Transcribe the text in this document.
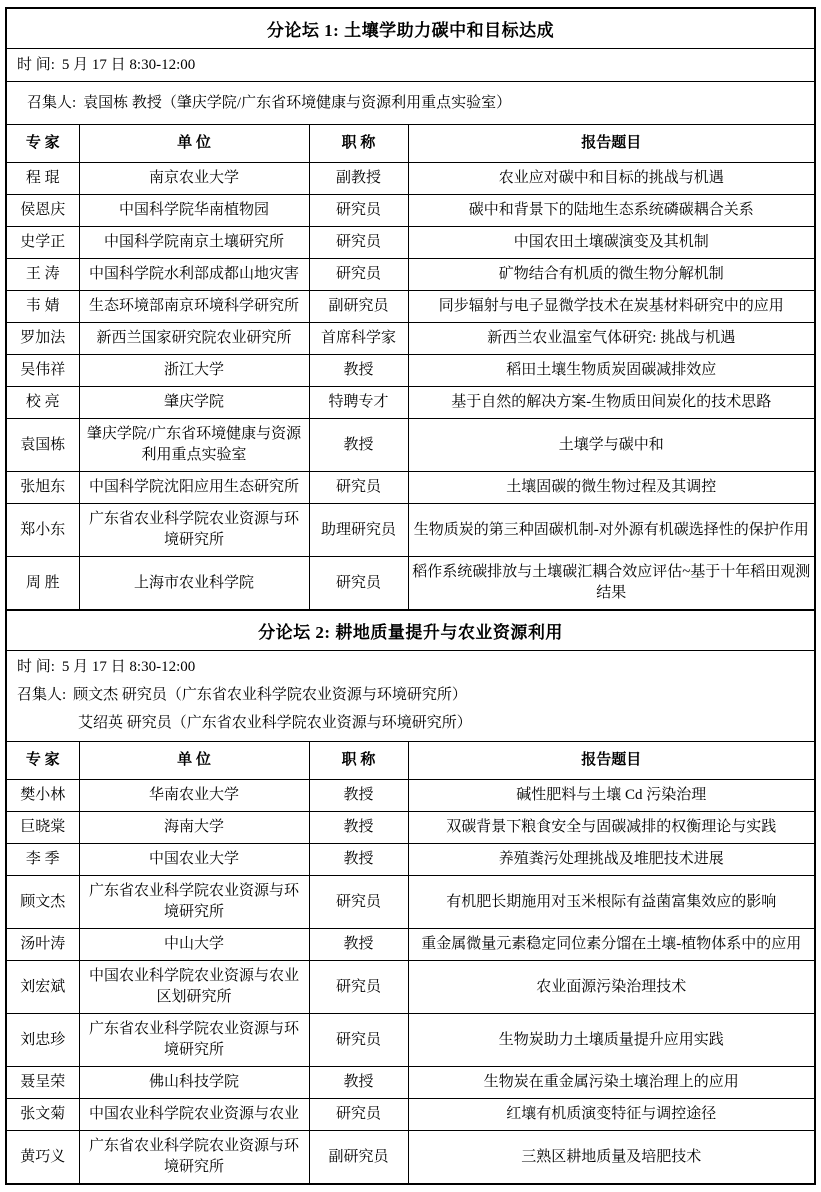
分论坛 1: 土壤学助力碳中和目标达成
时 间: 5 月 17 日 8:30-12:00
召集人: 袁国栋 教授（肇庆学院/广东省环境健康与资源利用重点实验室）
专 家	单 位	职 称	报告题目
程 琨	南京农业大学	副教授	农业应对碳中和目标的挑战与机遇
侯恩庆	中国科学院华南植物园	研究员	碳中和背景下的陆地生态系统磷碳耦合关系
史学正	中国科学院南京土壤研究所	研究员	中国农田土壤碳演变及其机制
王 涛	中国科学院水利部成都山地灾害	研究员	矿物结合有机质的微生物分解机制
韦 婧	生态环境部南京环境科学研究所	副研究员	同步辐射与电子显微学技术在炭基材料研究中的应用
罗加法	新西兰国家研究院农业研究所	首席科学家	新西兰农业温室气体研究: 挑战与机遇
吴伟祥	浙江大学	教授	稻田土壤生物质炭固碳减排效应
校 亮	肇庆学院	特聘专才	基于自然的解决方案-生物质田间炭化的技术思路
袁国栋	肇庆学院/广东省环境健康与资源利用重点实验室	教授	土壤学与碳中和
张旭东	中国科学院沈阳应用生态研究所	研究员	土壤固碳的微生物过程及其调控
郑小东	广东省农业科学院农业资源与环境研究所	助理研究员	生物质炭的第三种固碳机制-对外源有机碳选择性的保护作用
周 胜	上海市农业科学院	研究员	稻作系统碳排放与土壤碳汇耦合效应评估~基于十年稻田观测结果
分论坛 2: 耕地质量提升与农业资源利用
时 间: 5 月 17 日 8:30-12:00
召集人: 顾文杰 研究员（广东省农业科学院农业资源与环境研究所）
艾绍英 研究员（广东省农业科学院农业资源与环境研究所）
专 家	单 位	职 称	报告题目
樊小林	华南农业大学	教授	碱性肥料与土壤 Cd 污染治理
巨晓棠	海南大学	教授	双碳背景下粮食安全与固碳减排的权衡理论与实践
李 季	中国农业大学	教授	养殖粪污处理挑战及堆肥技术进展
顾文杰	广东省农业科学院农业资源与环境研究所	研究员	有机肥长期施用对玉米根际有益菌富集效应的影响
汤叶涛	中山大学	教授	重金属微量元素稳定同位素分馏在土壤-植物体系中的应用
刘宏斌	中国农业科学院农业资源与农业区划研究所	研究员	农业面源污染治理技术
刘忠珍	广东省农业科学院农业资源与环境研究所	研究员	生物炭助力土壤质量提升应用实践
聂呈荣	佛山科技学院	教授	生物炭在重金属污染土壤治理上的应用
张文菊	中国农业科学院农业资源与农业	研究员	红壤有机质演变特征与调控途径
黄巧义	广东省农业科学院农业资源与环境研究所	副研究员	三熟区耕地质量及培肥技术
